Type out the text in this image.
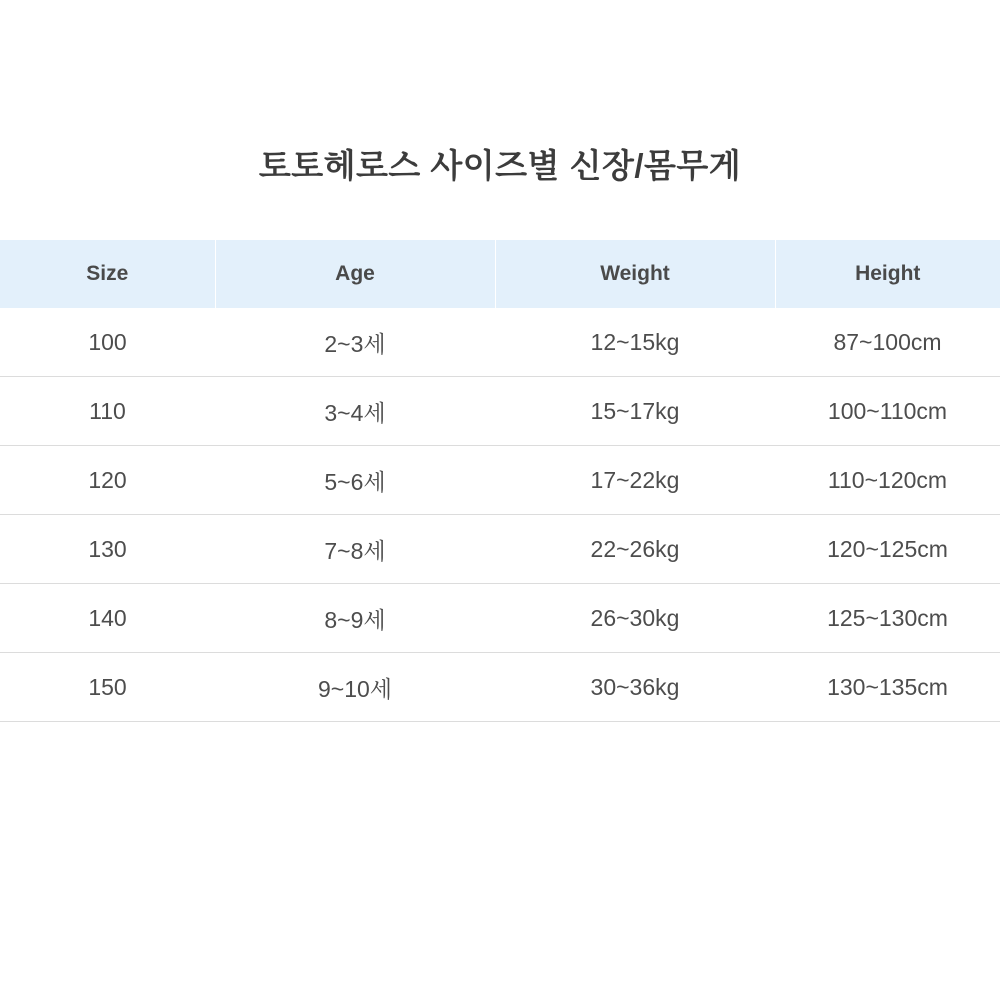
토토헤로스 사이즈별 신장/몸무게
Size	Age	Weight	Height
100	2~3세	12~15kg	87~100cm
110	3~4세	15~17kg	100~110cm
120	5~6세	17~22kg	110~120cm
130	7~8세	22~26kg	120~125cm
140	8~9세	26~30kg	125~130cm
150	9~10세	30~36kg	130~135cm
